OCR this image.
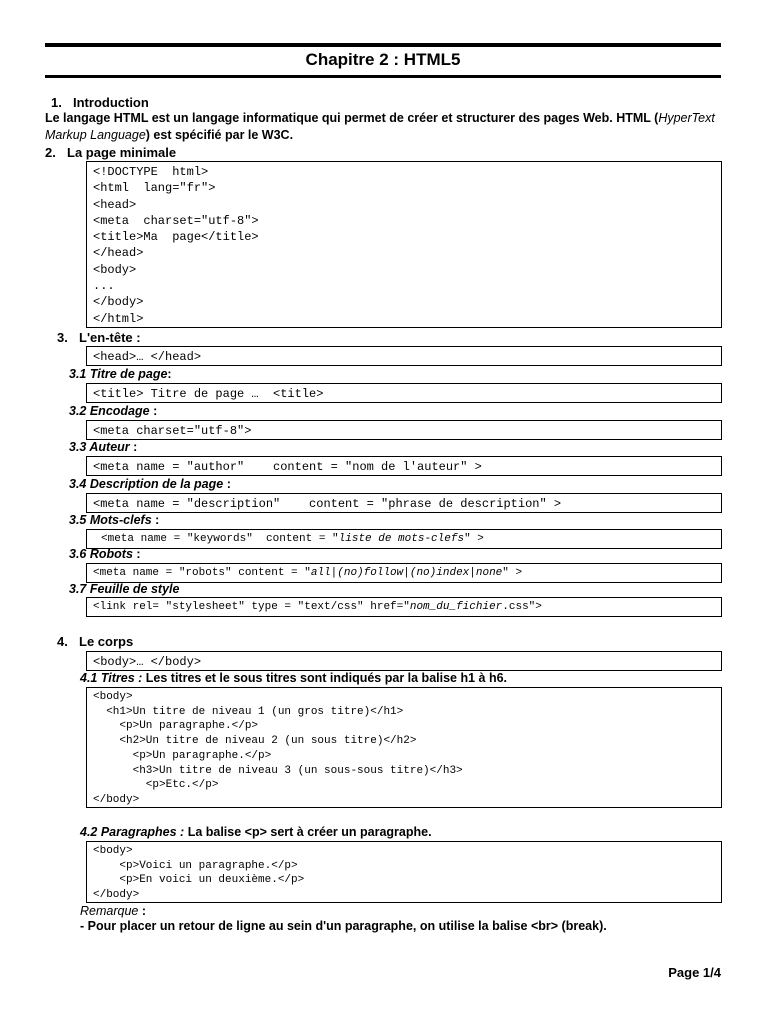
Chapitre 2 : HTML5
1. Introduction
Le langage HTML est un langage informatique qui permet de créer et structurer des pages Web. HTML (HyperText
Markup Language) est spécifié par le W3C.
2. La page minimale
<!DOCTYPE  html>
<html  lang="fr">
<head>
<meta  charset="utf-8">
<title>Ma  page</title>
</head>
<body>
...
</body>
</html>
3. L'en-tête :
<head>… </head>
3.1 Titre de page:
<title> Titre de page …  <title>
3.2 Encodage :
<meta charset="utf-8">
3.3 Auteur :
<meta name = "author"    content = "nom de l'auteur" >
3.4 Description de la page :
<meta name = "description"    content = "phrase de description" >
3.5 Mots-clefs :
<meta name = "keywords"  content = "liste de mots-clefs" >
3.6 Robots :
<meta name = "robots" content = "all|(no)follow|(no)index|none" >
3.7 Feuille de style
<link rel= "stylesheet" type = "text/css" href="nom_du_fichier.css">
4. Le corps
<body>… </body>
4.1 Titres : Les titres et le sous titres sont indiqués par la balise h1 à h6.
<body>
<h1>Un titre de niveau 1 (un gros titre)</h1>
<p>Un paragraphe.</p>
<h2>Un titre de niveau 2 (un sous titre)</h2>
<p>Un paragraphe.</p>
<h3>Un titre de niveau 3 (un sous-sous titre)</h3>
<p>Etc.</p>
</body>
4.2 Paragraphes : La balise <p> sert à créer un paragraphe.
<body>
<p>Voici un paragraphe.</p>
<p>En voici un deuxième.</p>
</body>
Remarque :
- Pour placer un retour de ligne au sein d'un paragraphe, on utilise la balise <br> (break).
Page 1/4
